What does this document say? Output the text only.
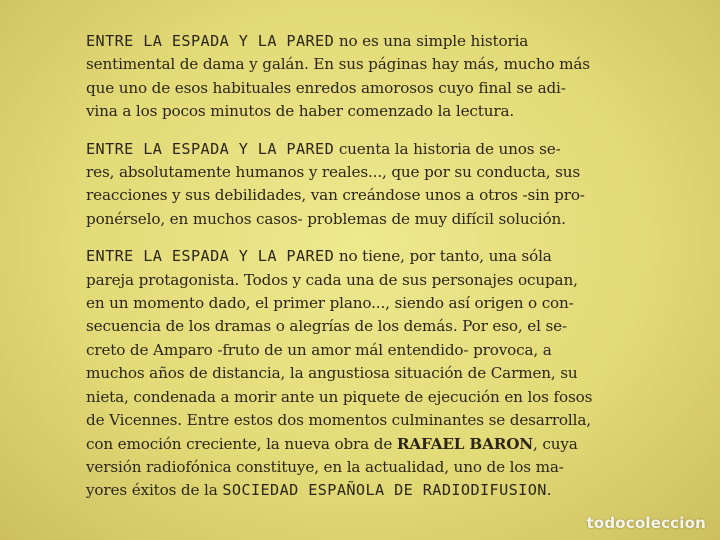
ENTRE LA ESPADA Y LA PARED no es una simple historia
sentimental de dama y galán. En sus páginas hay más, mucho más
que uno de esos habituales enredos amorosos cuyo final se adi-
vina a los pocos minutos de haber comenzado la lectura.

ENTRE LA ESPADA Y LA PARED cuenta la historia de unos se-
res, absolutamente humanos y reales..., que por su conducta, sus
reacciones y sus debilidades, van creándose unos a otros -sin pro-
ponérselo, en muchos casos- problemas de muy difícil solución.

ENTRE LA ESPADA Y LA PARED no tiene, por tanto, una sóla
pareja protagonista. Todos y cada una de sus personajes ocupan,
en un momento dado, el primer plano..., siendo así origen o con-
secuencia de los dramas o alegrías de los demás. Por eso, el se-
creto de Amparo -fruto de un amor mál entendido- provoca, a
muchos años de distancia, la angustiosa situación de Carmen, su
nieta, condenada a morir ante un piquete de ejecución en los fosos
de Vicennes. Entre estos dos momentos culminantes se desarrolla,
con emoción creciente, la nueva obra de RAFAEL BARON, cuya
versión radiofónica constituye, en la actualidad, uno de los ma-
yores éxitos de la SOCIEDAD ESPAÑOLA DE RADIODIFUSION.

todocoleccion
